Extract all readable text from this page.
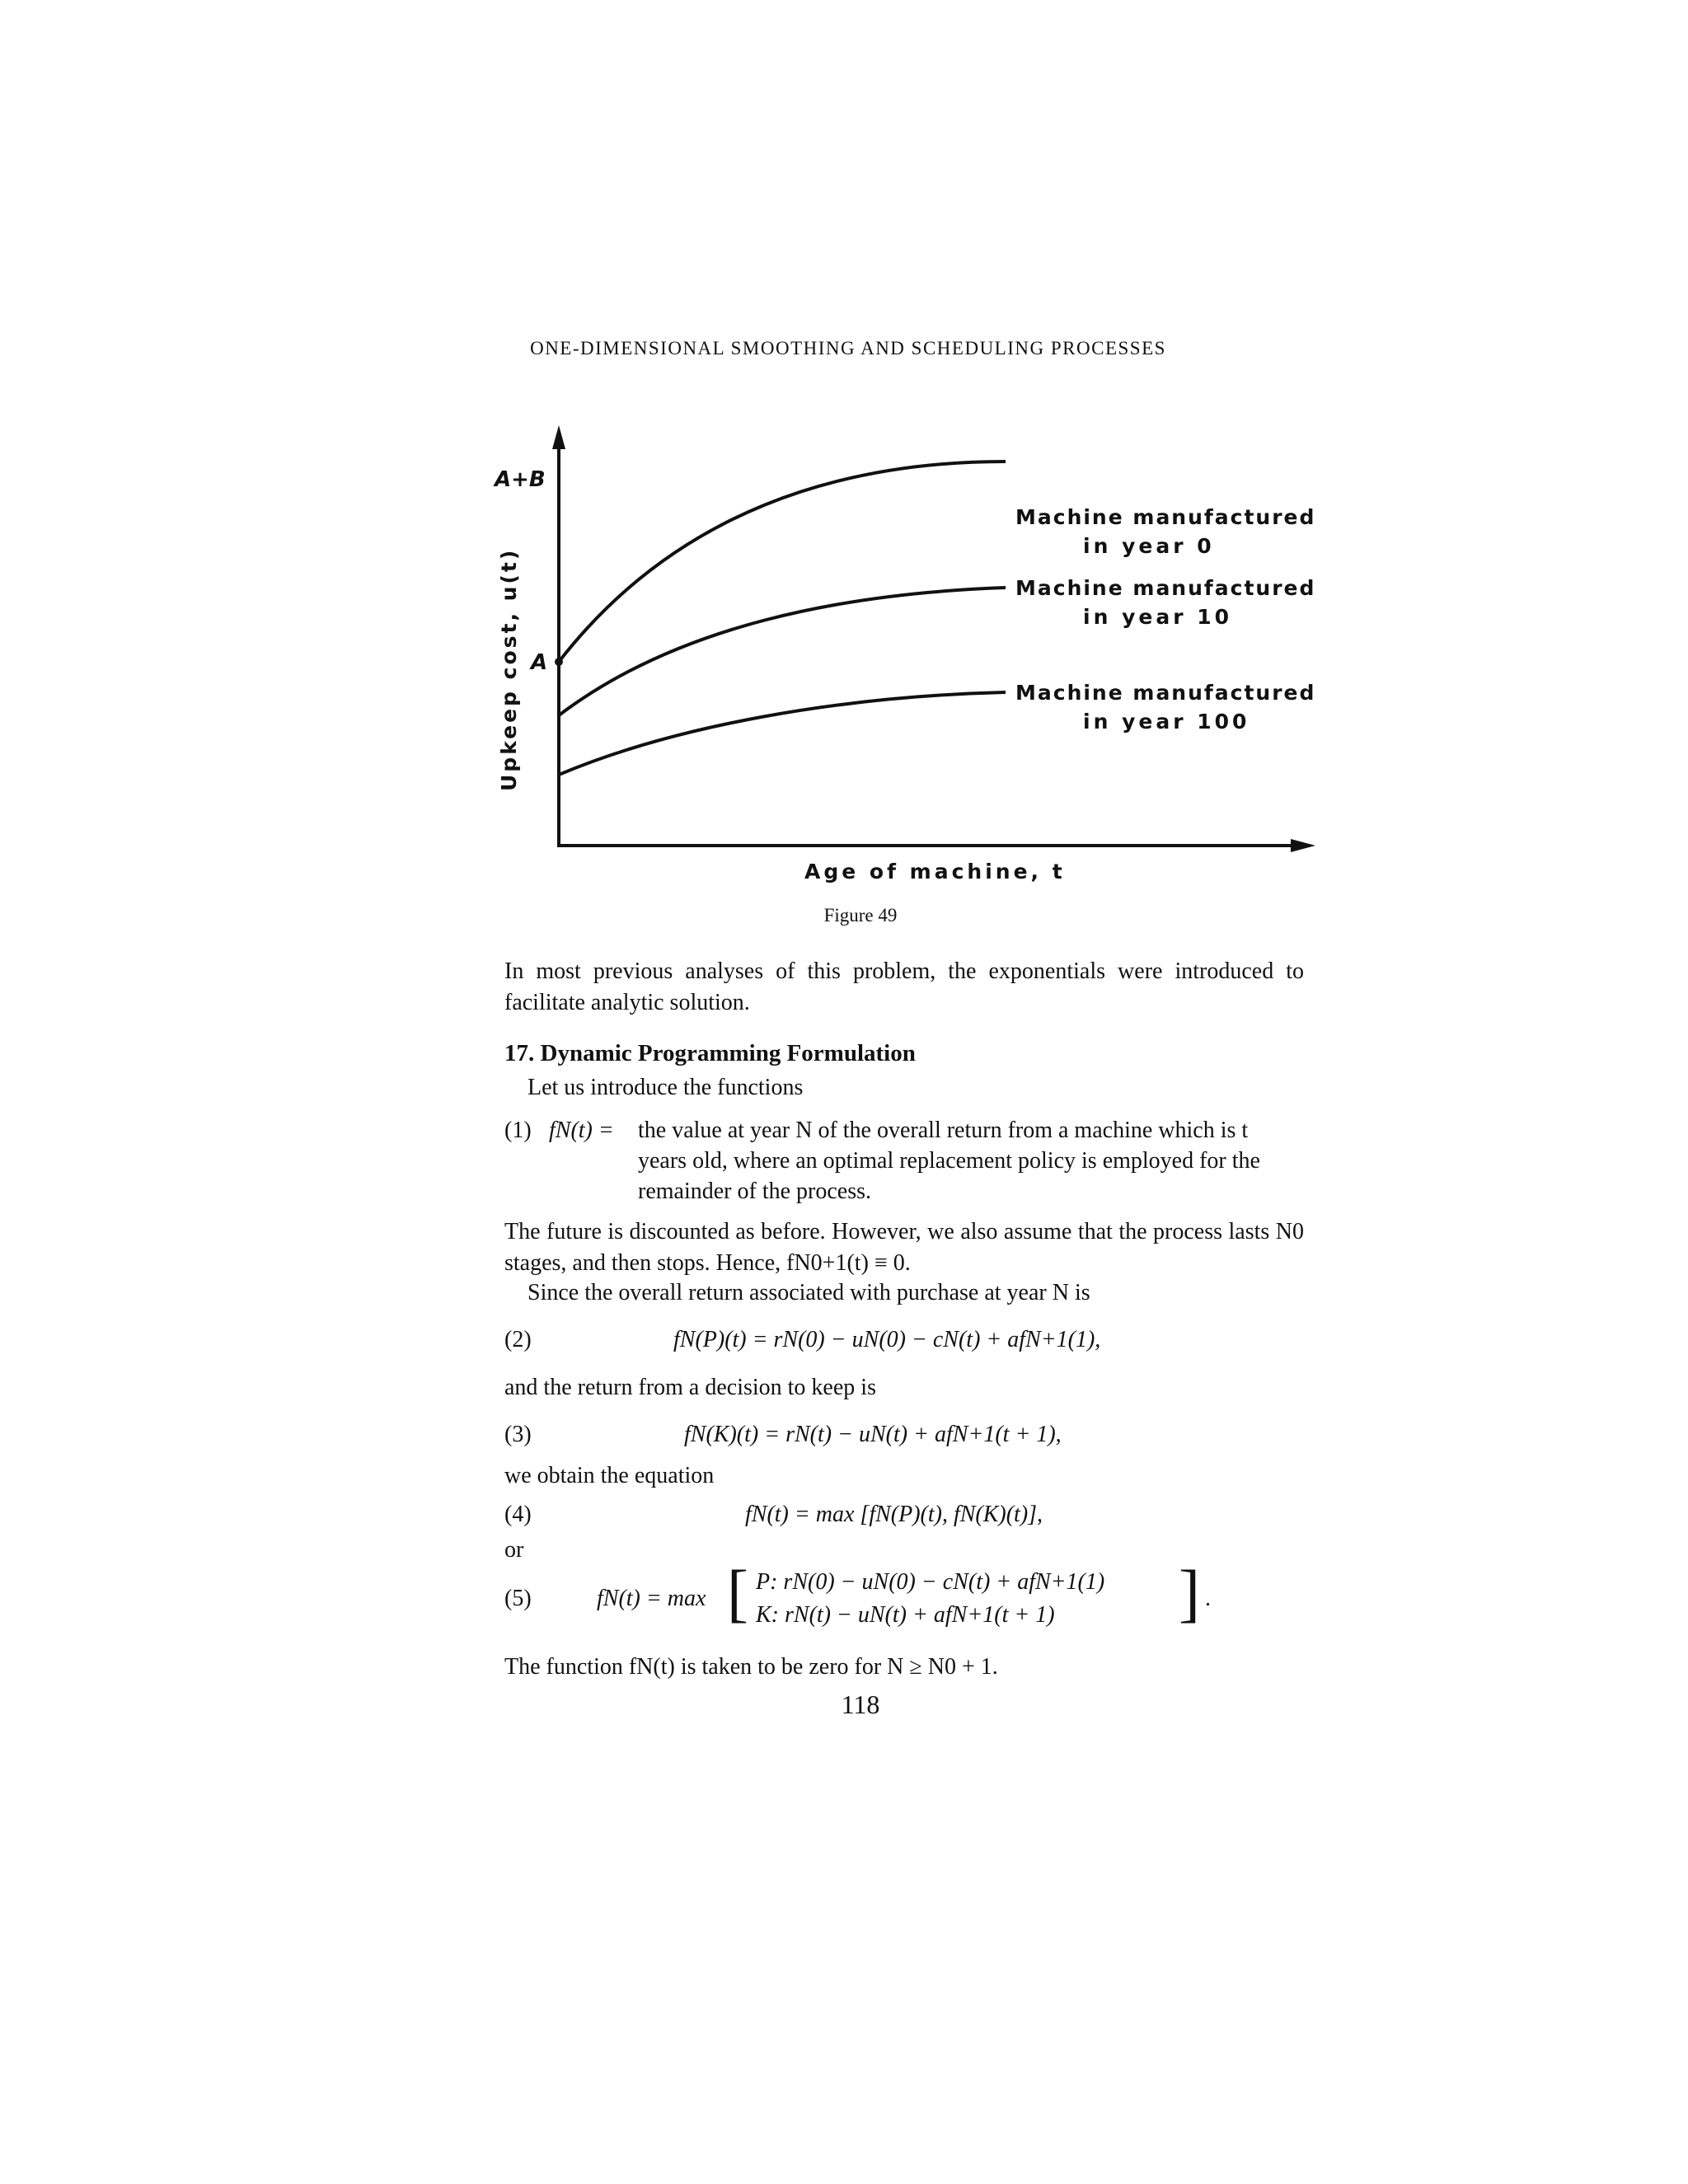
ONE-DIMENSIONAL SMOOTHING AND SCHEDULING PROCESSES
A+B
A
Upkeep cost, u(t)
Machine manufactured
in year 0
Machine manufactured
in year 10
Machine manufactured
in year 100
Age of machine, t
Figure 49
In most previous analyses of this problem, the exponentials were introduced to facilitate analytic solution.
17. Dynamic Programming Formulation
Let us introduce the functions
(1) fN(t) = the value at year N of the overall return from a machine which is t years old, where an optimal replacement policy is employed for the remainder of the process.
The future is discounted as before. However, we also assume that the process lasts N0 stages, and then stops. Hence, fN0+1(t) ≡ 0.
Since the overall return associated with purchase at year N is
(2)	fN(P)(t) = rN(0) − uN(0) − cN(t) + afN+1(1),
and the return from a decision to keep is
(3)	fN(K)(t) = rN(t) − uN(t) + afN+1(t + 1),
we obtain the equation
(4)	fN(t) = max [fN(P)(t), fN(K)(t)],
or
(5)	fN(t) = max [ P: rN(0) − uN(0) − cN(t) + afN+1(1)
K: rN(t) − uN(t) + afN+1(t + 1) ] .
The function fN(t) is taken to be zero for N ≥ N0 + 1.
118
